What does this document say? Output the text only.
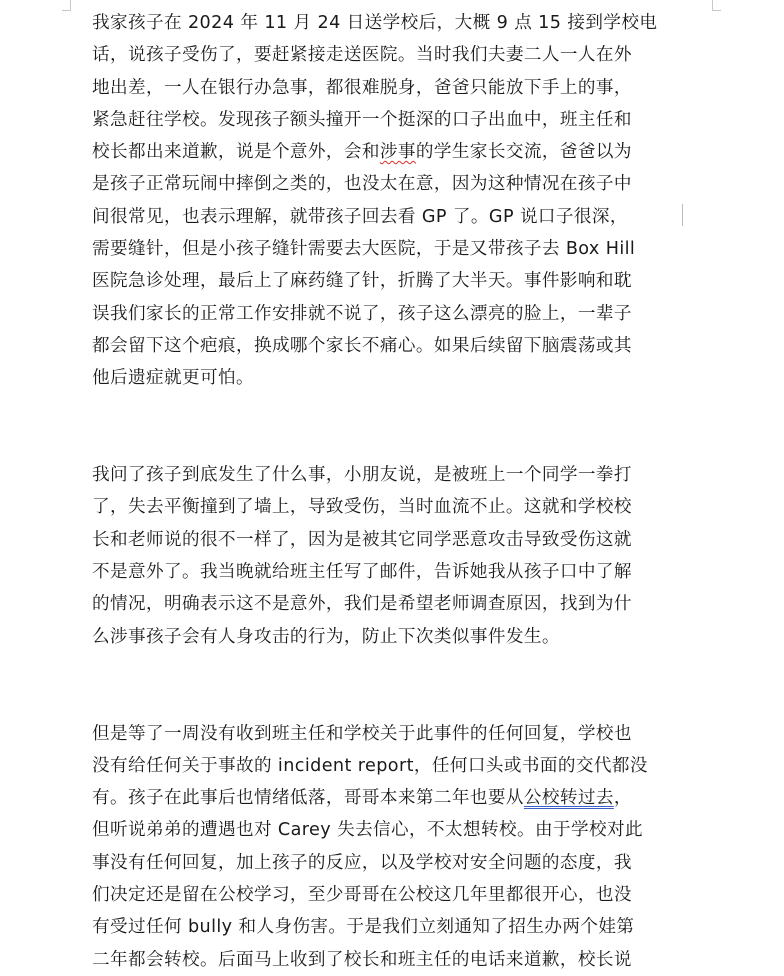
我家孩子在 2024 年 11 月 24 日送学校后，大概 9 点 15 接到学校电
话，说孩子受伤了，要赶紧接走送医院。当时我们夫妻二人一人在外
地出差，一人在银行办急事，都很难脱身，爸爸只能放下手上的事，
紧急赶往学校。发现孩子额头撞开一个挺深的口子出血中，班主任和
校长都出来道歉，说是个意外，会和涉事的学生家长交流，爸爸以为
是孩子正常玩闹中摔倒之类的，也没太在意，因为这种情况在孩子中
间很常见，也表示理解，就带孩子回去看 GP 了。GP 说口子很深，
需要缝针，但是小孩子缝针需要去大医院，于是又带孩子去 Box Hill
医院急诊处理，最后上了麻药缝了针，折腾了大半天。事件影响和耽
误我们家长的正常工作安排就不说了，孩子这么漂亮的脸上，一辈子
都会留下这个疤痕，换成哪个家长不痛心。如果后续留下脑震荡或其
他后遗症就更可怕。
我问了孩子到底发生了什么事，小朋友说，是被班上一个同学一拳打
了，失去平衡撞到了墙上，导致受伤，当时血流不止。这就和学校校
长和老师说的很不一样了，因为是被其它同学恶意攻击导致受伤这就
不是意外了。我当晚就给班主任写了邮件，告诉她我从孩子口中了解
的情况，明确表示这不是意外，我们是希望老师调查原因，找到为什
么涉事孩子会有人身攻击的行为，防止下次类似事件发生。
但是等了一周没有收到班主任和学校关于此事件的任何回复，学校也
没有给任何关于事故的 incident report，任何口头或书面的交代都没
有。孩子在此事后也情绪低落，哥哥本来第二年也要从公校转过去，
但听说弟弟的遭遇也对 Carey 失去信心，不太想转校。由于学校对此
事没有任何回复，加上孩子的反应，以及学校对安全问题的态度，我
们决定还是留在公校学习，至少哥哥在公校这几年里都很开心，也没
有受过任何 bully 和人身伤害。于是我们立刻通知了招生办两个娃第
二年都会转校。后面马上收到了校长和班主任的电话来道歉，校长说
